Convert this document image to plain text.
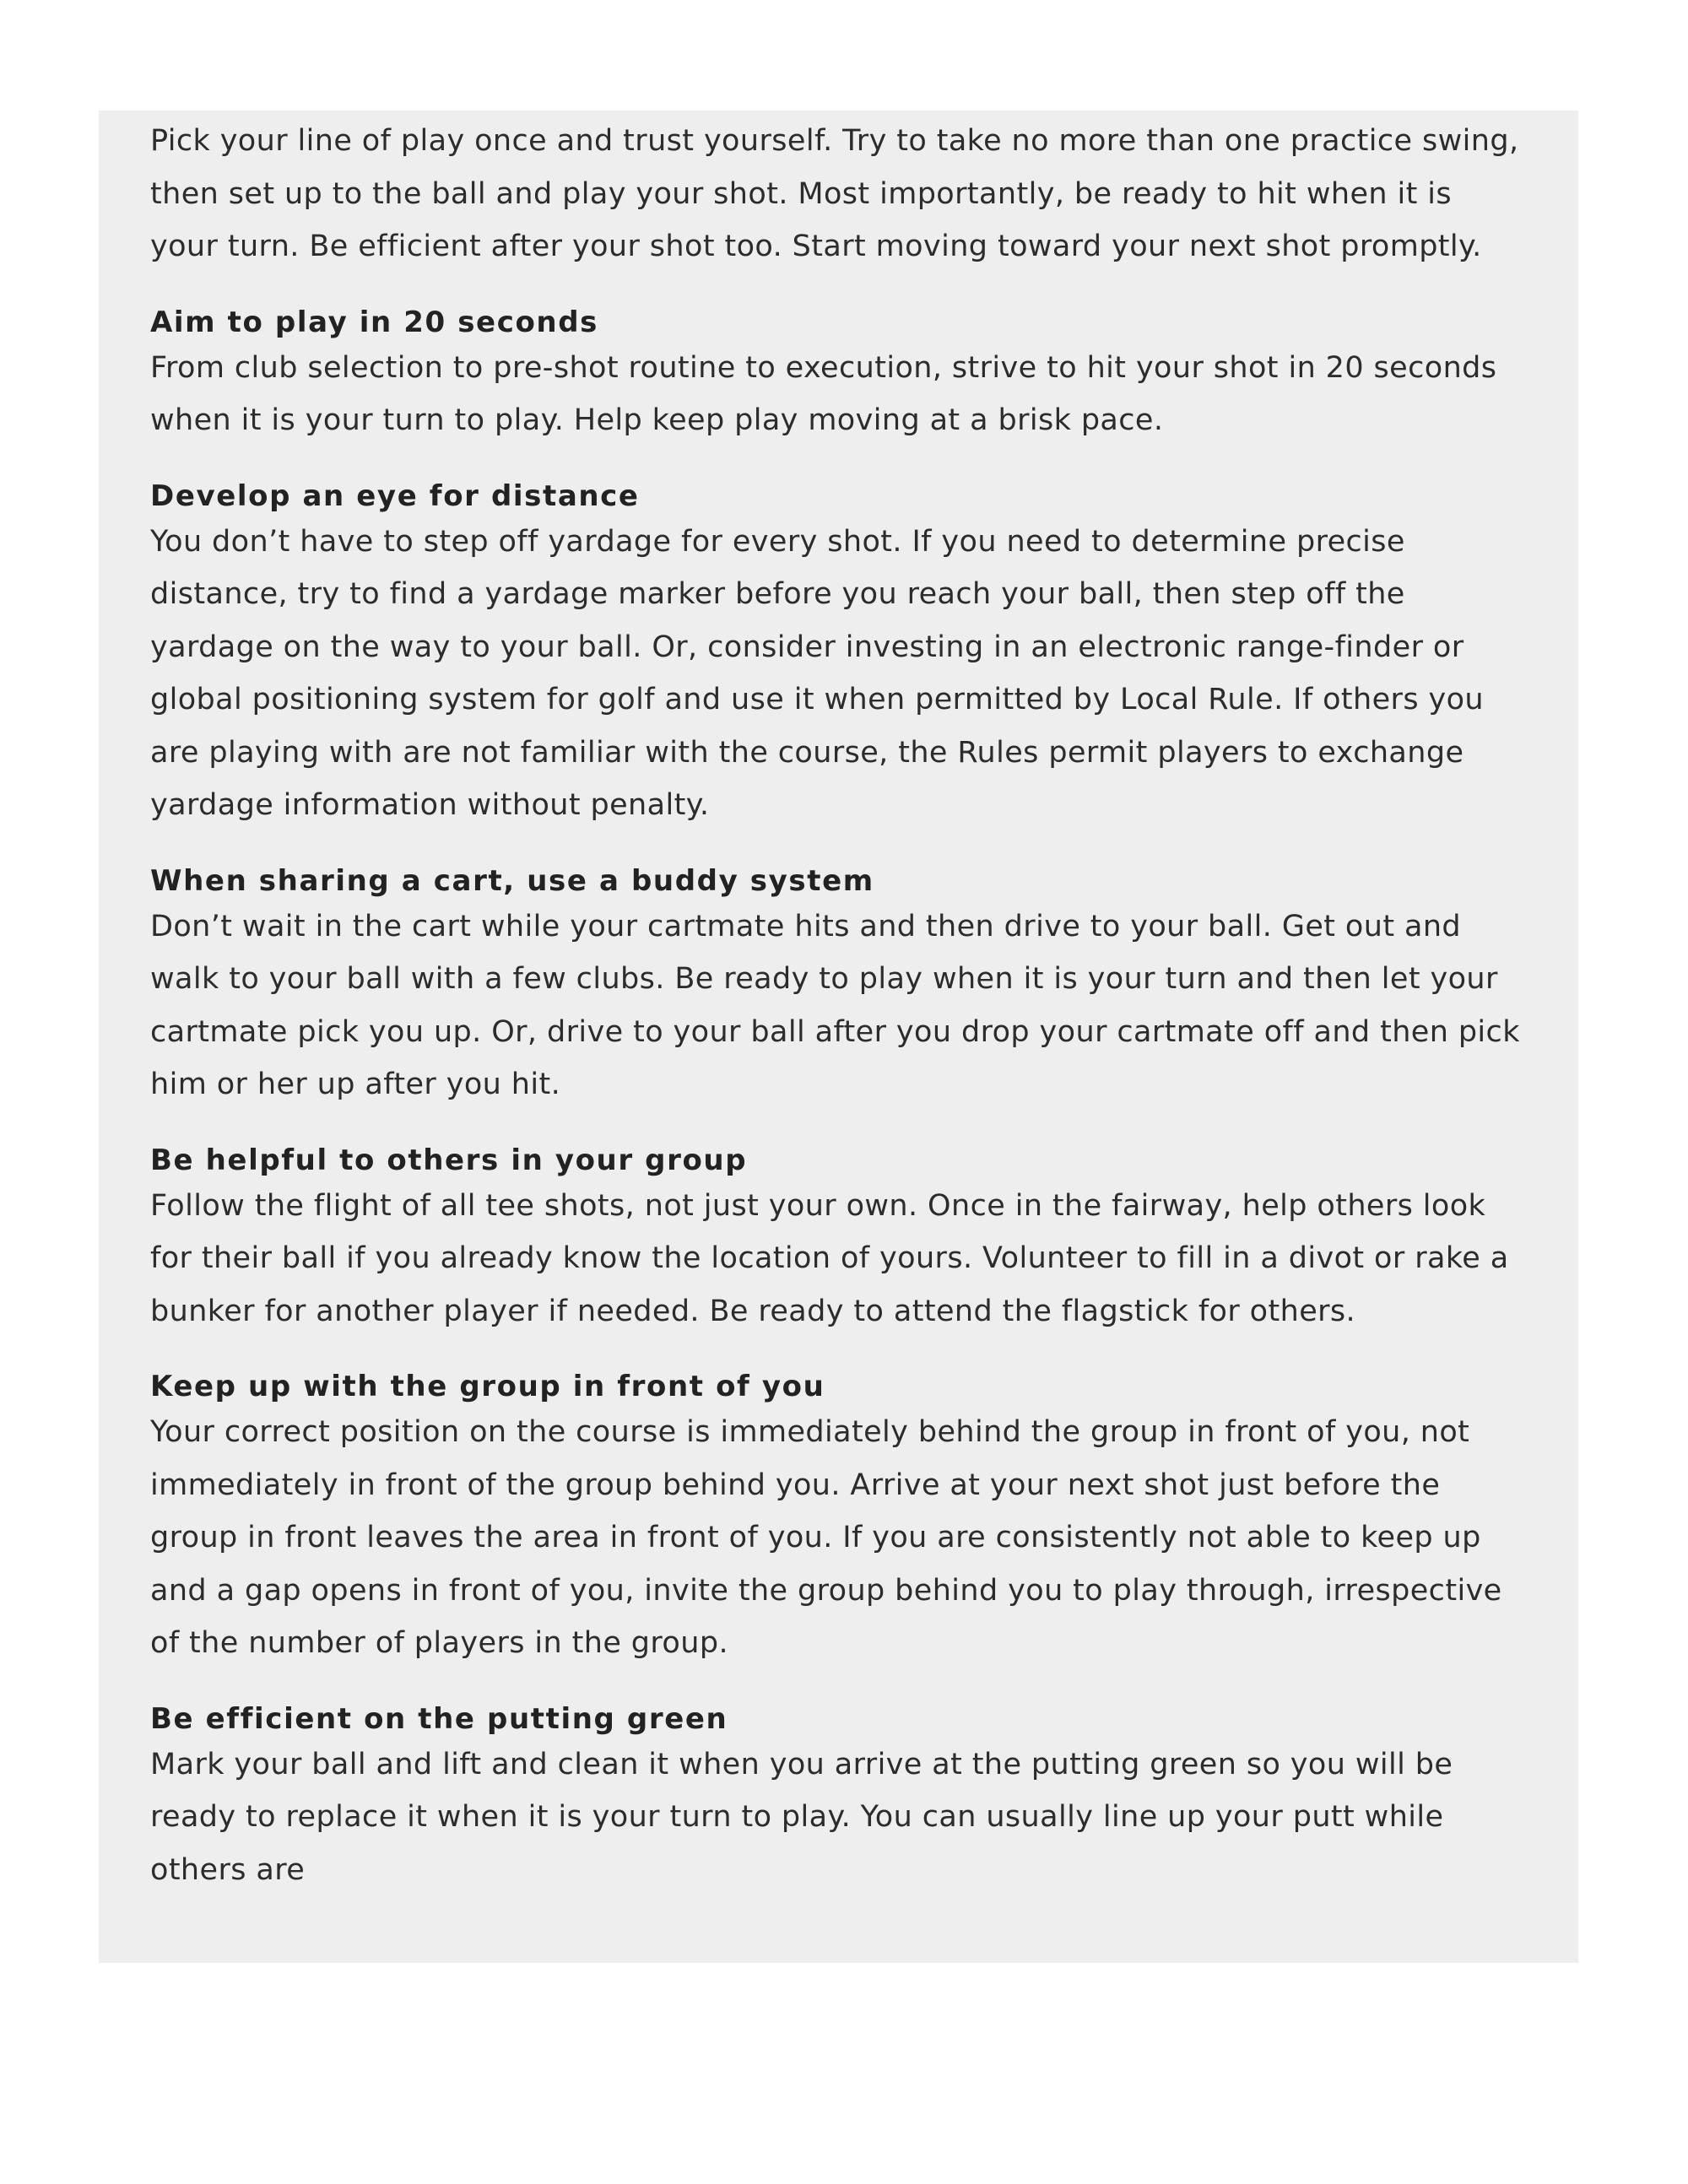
Pick your line of play once and trust yourself. Try to take no more than one practice swing, then set up to the ball and play your shot. Most importantly, be ready to hit when it is your turn. Be efficient after your shot too. Start moving toward your next shot promptly.

Aim to play in 20 seconds

From club selection to pre-shot routine to execution, strive to hit your shot in 20 seconds when it is your turn to play. Help keep play moving at a brisk pace.

Develop an eye for distance

You don’t have to step off yardage for every shot. If you need to determine precise distance, try to find a yardage marker before you reach your ball, then step off the yardage on the way to your ball. Or, consider investing in an electronic range-finder or global positioning system for golf and use it when permitted by Local Rule. If others you are playing with are not familiar with the course, the Rules permit players to exchange yardage information without penalty.

When sharing a cart, use a buddy system

Don’t wait in the cart while your cartmate hits and then drive to your ball. Get out and walk to your ball with a few clubs. Be ready to play when it is your turn and then let your cartmate pick you up. Or, drive to your ball after you drop your cartmate off and then pick him or her up after you hit.

Be helpful to others in your group

Follow the flight of all tee shots, not just your own. Once in the fairway, help others look for their ball if you already know the location of yours. Volunteer to fill in a divot or rake a bunker for another player if needed. Be ready to attend the flagstick for others.

Keep up with the group in front of you

Your correct position on the course is immediately behind the group in front of you, not immediately in front of the group behind you. Arrive at your next shot just before the group in front leaves the area in front of you. If you are consistently not able to keep up and a gap opens in front of you, invite the group behind you to play through, irrespective of the number of players in the group.

Be efficient on the putting green

Mark your ball and lift and clean it when you arrive at the putting green so you will be ready to replace it when it is your turn to play. You can usually line up your putt while others are
